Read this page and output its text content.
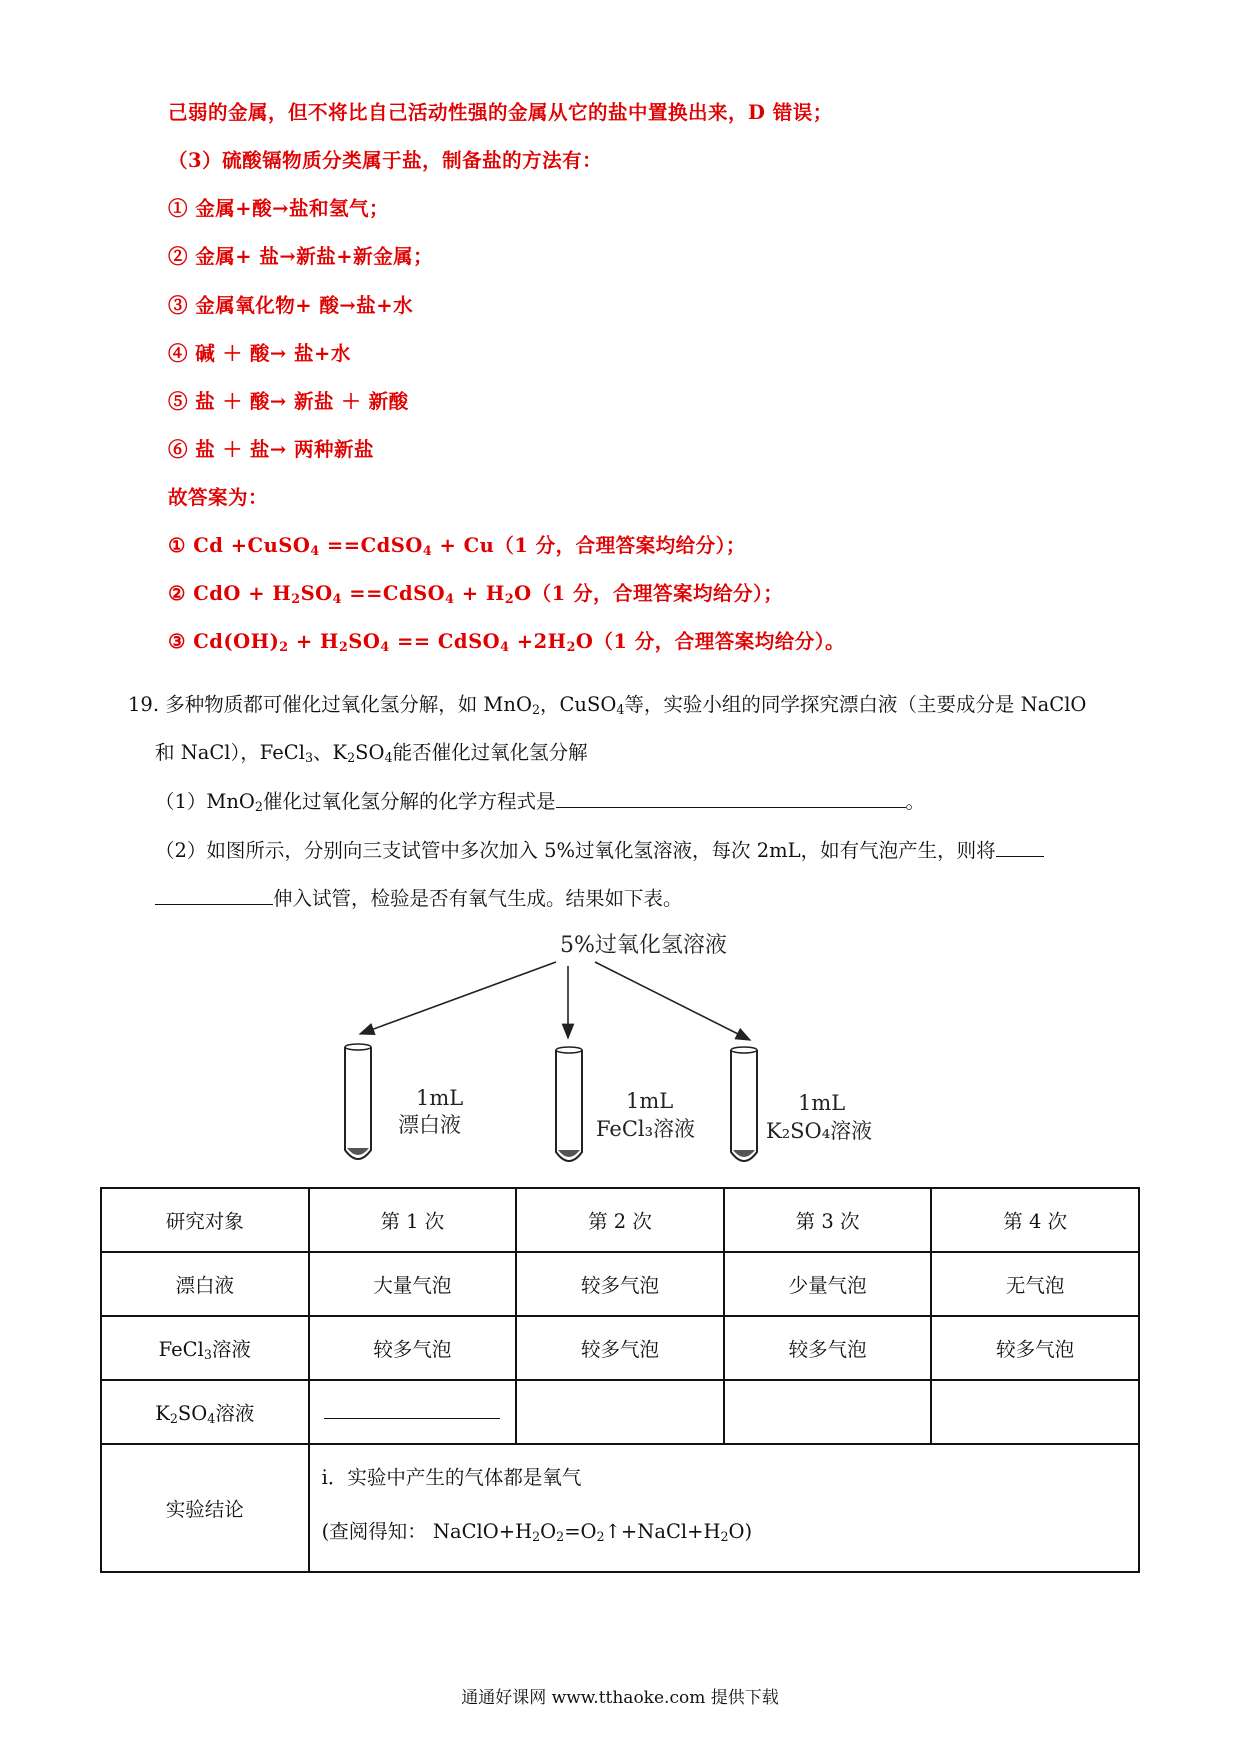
己弱的金属，但不将比自己活动性强的金属从它的盐中置换出来，D 错误；
（3）硫酸镉物质分类属于盐，制备盐的方法有：
① 金属+酸→盐和氢气；
② 金属+ 盐→新盐+新金属；
③ 金属氧化物+ 酸→盐+水
④ 碱 ＋ 酸→ 盐+水
⑤ 盐 ＋ 酸→ 新盐 ＋ 新酸
⑥ 盐 ＋ 盐→ 两种新盐
故答案为：
① Cd +CuSO$_4$ ==CdSO$_4$ + Cu（1 分，合理答案均给分）；
② CdO + $H_2SO_4$ ==CdSO$_4$ + $H_2O(1$ 分，合理答案均给分）；
③ $Cd(OH)_2 + H_2SO_4$ == CdSO$_4$ $+2H_2O(1$ 分，合理答案均给分）。
19. 多种物质都可催化过氧化氢分解，如 MnO$_2$，CuSO$_4$等，实验小组的同学探究漂白液（主要成分是 NaClO
和 NaCl），FeCl$_3$、$K_2SO_4$能否催化过氧化氢分解
（1）MnO$_2$催化过氧化氢分解的化学方程式是	。
（2）如图所示，分别向三支试管中多次加入 5%过氧化氢溶液，每次 2mL，如有气泡产生，则将
伸入试管，检验是否有氧气生成。结果如下表。
5%过氧化氢溶液
1mL
漂白液
1mL
FeCl₃溶液
1mL
K₂SO₄溶液
研究对象	第 1 次	第 2 次	第 3 次	第 4 次
漂白液	大量气泡	较多气泡	少量气泡	无气泡
FeCl$_3$溶液	较多气泡	较多气泡	较多气泡	较多气泡
$K_2SO_4$溶液				
实验结论	i．实验中产生的气体都是氧气
(查阅得知： $NaClO+H_2O_2=O_2↑+NaCl+H_2O$)			
通通好课网 www.tthaoke.com 提供下载
